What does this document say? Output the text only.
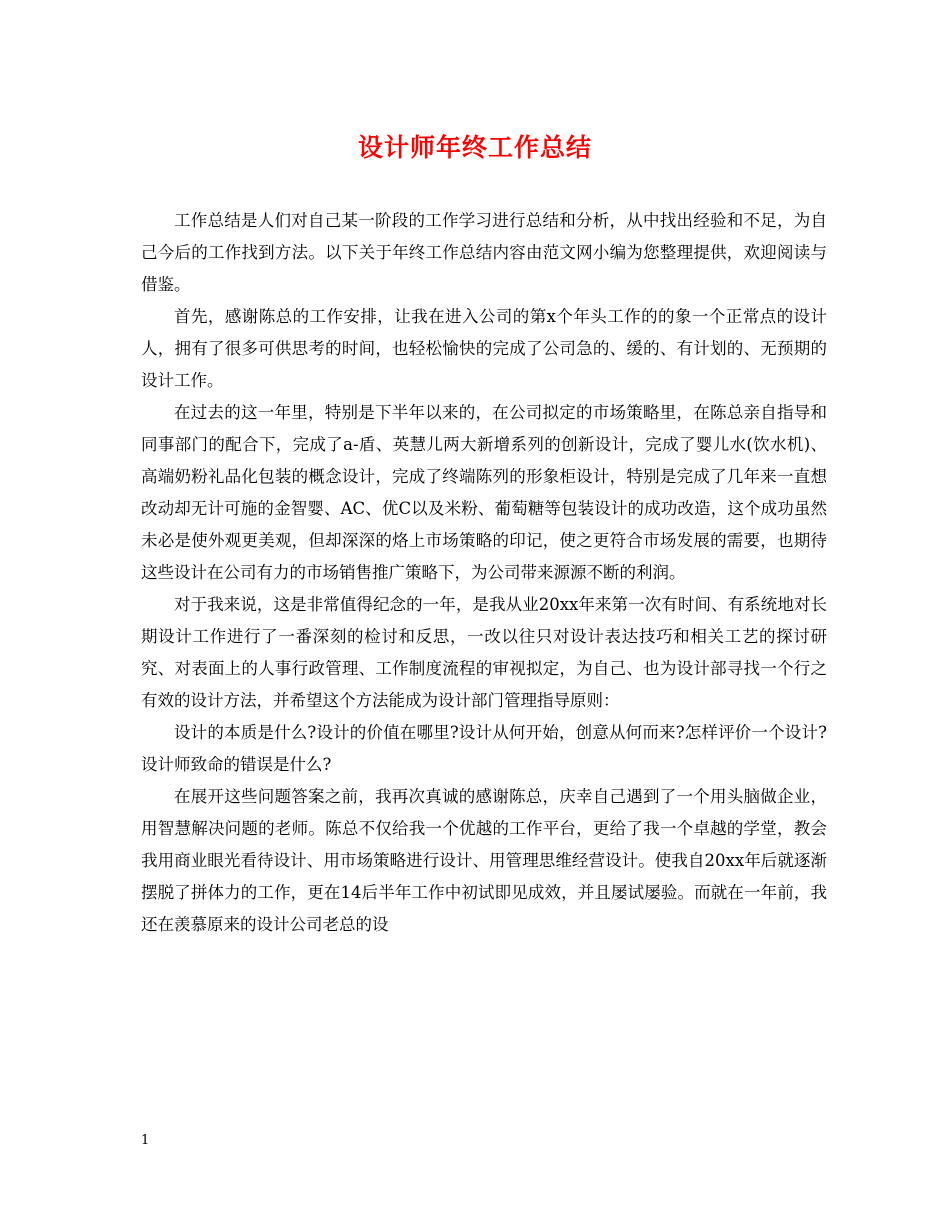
设计师年终工作总结

工作总结是人们对自己某一阶段的工作学习进行总结和分析，从中找出经验和不足，为自己今后的工作找到方法。以下关于年终工作总结内容由范文网小编为您整理提供，欢迎阅读与借鉴。

首先，感谢陈总的工作安排，让我在进入公司的第x个年头工作的的象一个正常点的设计人，拥有了很多可供思考的时间，也轻松愉快的完成了公司急的、缓的、有计划的、无预期的设计工作。

在过去的这一年里，特别是下半年以来的，在公司拟定的市场策略里，在陈总亲自指导和同事部门的配合下，完成了a-盾、英慧儿两大新增系列的创新设计，完成了婴儿水(饮水机)、高端奶粉礼品化包装的概念设计，完成了终端陈列的形象柜设计，特别是完成了几年来一直想改动却无计可施的金智婴、AC、优C以及米粉、葡萄糖等包装设计的成功改造，这个成功虽然未必是使外观更美观，但却深深的烙上市场策略的印记，使之更符合市场发展的需要，也期待这些设计在公司有力的市场销售推广策略下，为公司带来源源不断的利润。

对于我来说，这是非常值得纪念的一年，是我从业20xx年来第一次有时间、有系统地对长期设计工作进行了一番深刻的检讨和反思，一改以往只对设计表达技巧和相关工艺的探讨研究、对表面上的人事行政管理、工作制度流程的审视拟定，为自己、也为设计部寻找一个行之有效的设计方法，并希望这个方法能成为设计部门管理指导原则：

设计的本质是什么?设计的价值在哪里?设计从何开始，创意从何而来?怎样评价一个设计?设计师致命的错误是什么?

在展开这些问题答案之前，我再次真诚的感谢陈总，庆幸自己遇到了一个用头脑做企业，用智慧解决问题的老师。陈总不仅给我一个优越的工作平台，更给了我一个卓越的学堂，教会我用商业眼光看待设计、用市场策略进行设计、用管理思维经营设计。使我自20xx年后就逐渐摆脱了拼体力的工作，更在14后半年工作中初试即见成效，并且屡试屡验。而就在一年前，我还在羡慕原来的设计公司老总的设

1
